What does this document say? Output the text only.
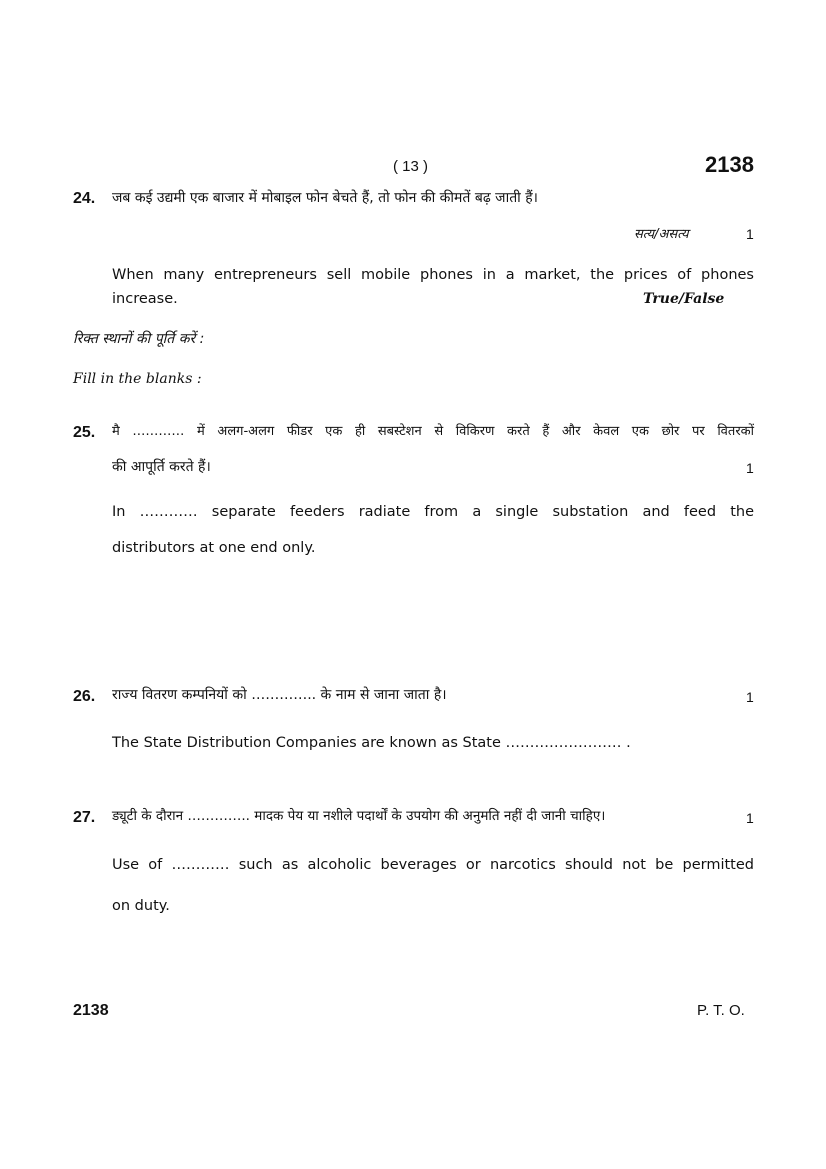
( 13 )	2138
24. जब कई उद्यमी एक बाजार में मोबाइल फोन बेचते हैं, तो फोन की कीमतें बढ़ जाती हैं।
सत्य/असत्य	1
When many entrepreneurs sell mobile phones in a market, the prices of phones
increase.	True/False
रिक्त स्थानों की पूर्ति करें :
Fill in the blanks :
25. मै ………… में अलग-अलग फीडर एक ही सबस्टेशन से विकिरण करते हैं और केवल एक छोर पर वितरकों
की आपूर्ति करते हैं।	1
In ………… separate feeders radiate from a single substation and feed the
distributors at one end only.
26. राज्य वितरण कम्पनियों को ………….. के नाम से जाना जाता है।	1
The State Distribution Companies are known as State …………………… .
27. ड्यूटी के दौरान ………….. मादक पेय या नशीले पदार्थों के उपयोग की अनुमति नहीं दी जानी चाहिए।	1
Use of ………… such as alcoholic beverages or narcotics should not be permitted
on duty.
2138	P. T. O.
